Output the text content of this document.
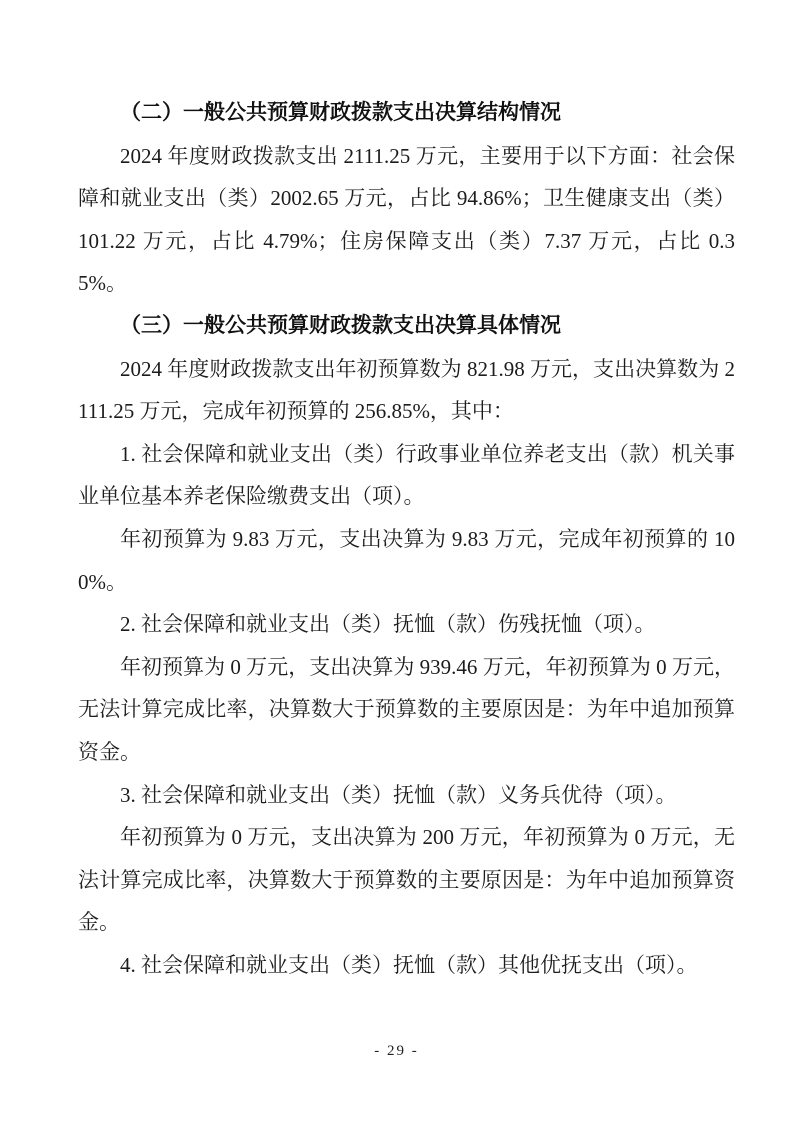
（二）一般公共预算财政拨款支出决算结构情况

2024 年度财政拨款支出 2111.25 万元，主要用于以下方面：社会保障和就业支出（类）2002.65 万元，占比 94.86%；卫生健康支出（类）101.22 万元，占比 4.79%；住房保障支出（类）7.37 万元，占比 0.35%。

（三）一般公共预算财政拨款支出决算具体情况

2024 年度财政拨款支出年初预算数为 821.98 万元，支出决算数为 2111.25 万元，完成年初预算的 256.85%，其中：

1. 社会保障和就业支出（类）行政事业单位养老支出（款）机关事业单位基本养老保险缴费支出（项）。

年初预算为 9.83 万元，支出决算为 9.83 万元，完成年初预算的 100%。

2. 社会保障和就业支出（类）抚恤（款）伤残抚恤（项）。

年初预算为 0 万元，支出决算为 939.46 万元，年初预算为 0 万元，无法计算完成比率，决算数大于预算数的主要原因是：为年中追加预算资金。

3. 社会保障和就业支出（类）抚恤（款）义务兵优待（项）。

年初预算为 0 万元，支出决算为 200 万元，年初预算为 0 万元，无法计算完成比率，决算数大于预算数的主要原因是：为年中追加预算资金。

4. 社会保障和就业支出（类）抚恤（款）其他优抚支出（项）。

- 29 -
